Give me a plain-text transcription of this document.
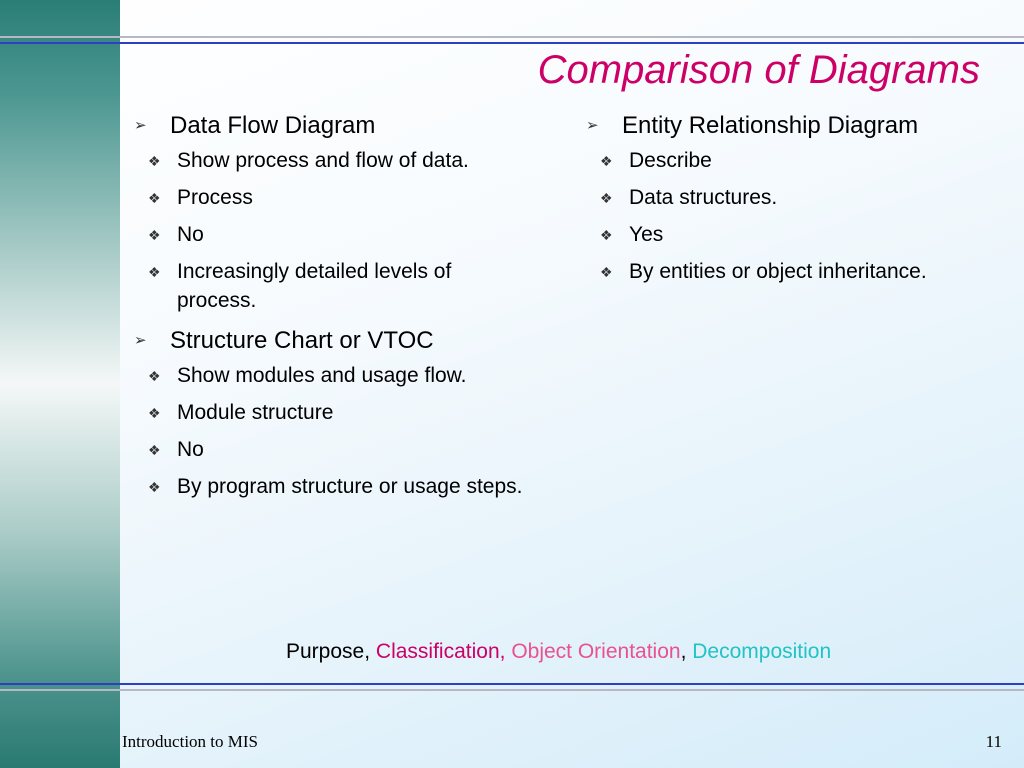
Comparison of Diagrams
➢ Data Flow Diagram
❖ Show process and flow of data.
❖ Process
❖ No
❖ Increasingly detailed levels of process.
➢ Structure Chart or VTOC
❖ Show modules and usage flow.
❖ Module structure
❖ No
❖ By program structure or usage steps.
➢ Entity Relationship Diagram
❖ Describe
❖ Data structures.
❖ Yes
❖ By entities or object inheritance.

Purpose, Classification, Object Orientation, Decomposition

Introduction to MIS	11
